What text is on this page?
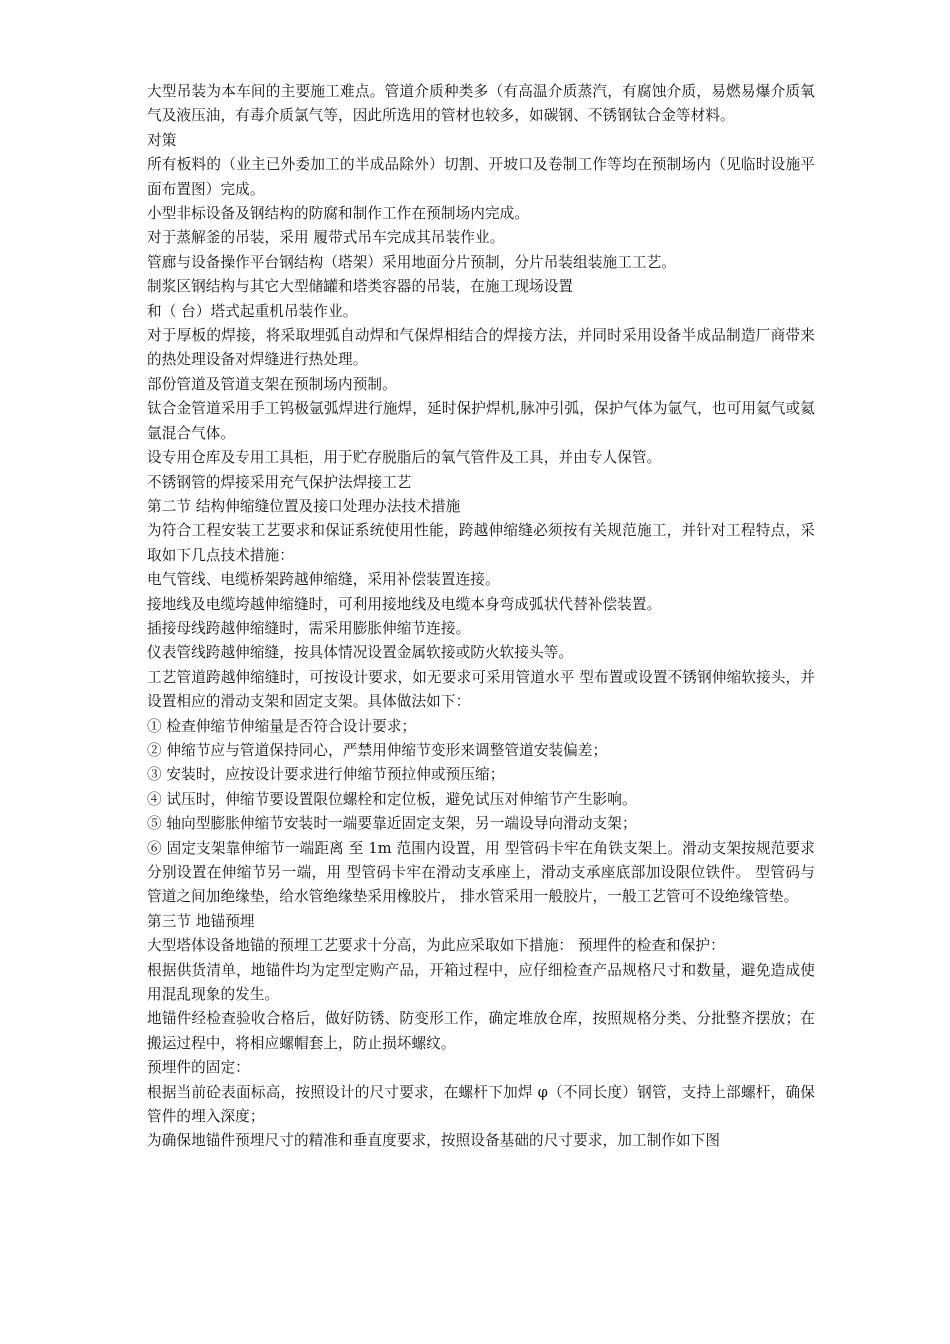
大型吊装为本车间的主要施工难点。管道介质种类多（有高温介质蒸汽，有腐蚀介质，易燃易爆介质氧气及液压油，有毒介质氯气等，因此所选用的管材也较多，如碳钢、不锈钢钛合金等材料。

对策

所有板料的（业主已外委加工的半成品除外）切割、开坡口及卷制工作等均在预制场内（见临时设施平面布置图）完成。

小型非标设备及钢结构的防腐和制作工作在预制场内完成。

对于蒸解釜的吊装，采用 履带式吊车完成其吊装作业。

管廊与设备操作平台钢结构（塔架）采用地面分片预制，分片吊装组装施工工艺。

制浆区钢结构与其它大型储罐和塔类容器的吊装，在施工现场设置

和（ 台）塔式起重机吊装作业。

对于厚板的焊接，将采取埋弧自动焊和气保焊相结合的焊接方法，并同时采用设备半成品制造厂商带来的热处理设备对焊缝进行热处理。

部份管道及管道支架在预制场内预制。

钛合金管道采用手工钨极氩弧焊进行施焊，延时保护焊机,脉冲引弧，保护气体为氩气，也可用氦气或氦氩混合气体。

设专用仓库及专用工具柜，用于贮存脱脂后的氧气管件及工具，并由专人保管。

不锈钢管的焊接采用充气保护法焊接工艺

第二节 结构伸缩缝位置及接口处理办法技术措施

为符合工程安装工艺要求和保证系统使用性能，跨越伸缩缝必须按有关规范施工，并针对工程特点，采取如下几点技术措施：

电气管线、电缆桥架跨越伸缩缝，采用补偿装置连接。

接地线及电缆垮越伸缩缝时，可利用接地线及电缆本身弯成弧状代替补偿装置。

插接母线跨越伸缩缝时，需采用膨胀伸缩节连接。

仪表管线跨越伸缩缝，按具体情况设置金属软接或防火软接头等。

工艺管道跨越伸缩缝时，可按设计要求，如无要求可采用管道水平 型布置或设置不锈钢伸缩软接头，并设置相应的滑动支架和固定支架。具体做法如下：

① 检查伸缩节伸缩量是否符合设计要求；

② 伸缩节应与管道保持同心，严禁用伸缩节变形来调整管道安装偏差；

③ 安装时，应按设计要求进行伸缩节预拉伸或预压缩；

④ 试压时，伸缩节要设置限位螺栓和定位板，避免试压对伸缩节产生影响。

⑤ 轴向型膨胀伸缩节安装时一端要靠近固定支架，另一端设导向滑动支架；

⑥ 固定支架靠伸缩节一端距离 至 1m 范围内设置，用 型管码卡牢在角铁支架上。滑动支架按规范要求分别设置在伸缩节另一端，用 型管码卡牢在滑动支承座上，滑动支承座底部加设限位铁件。 型管码与管道之间加绝缘垫，给水管绝缘垫采用橡胶片， 排水管采用一般胶片，一般工艺管可不设绝缘管垫。

第三节 地锚预埋

大型塔体设备地锚的预埋工艺要求十分高，为此应采取如下措施： 预埋件的检查和保护：

根据供货清单，地锚件均为定型定购产品，开箱过程中，应仔细检查产品规格尺寸和数量，避免造成使用混乱现象的发生。

地锚件经检查验收合格后，做好防锈、防变形工作，确定堆放仓库，按照规格分类、分批整齐摆放；在搬运过程中，将相应螺帽套上，防止损坏螺纹。

预埋件的固定：

根据当前砼表面标高，按照设计的尺寸要求，在螺杆下加焊 φ（不同长度）钢管，支持上部螺杆，确保管件的埋入深度；

为确保地锚件预埋尺寸的精准和垂直度要求，按照设备基础的尺寸要求，加工制作如下图
